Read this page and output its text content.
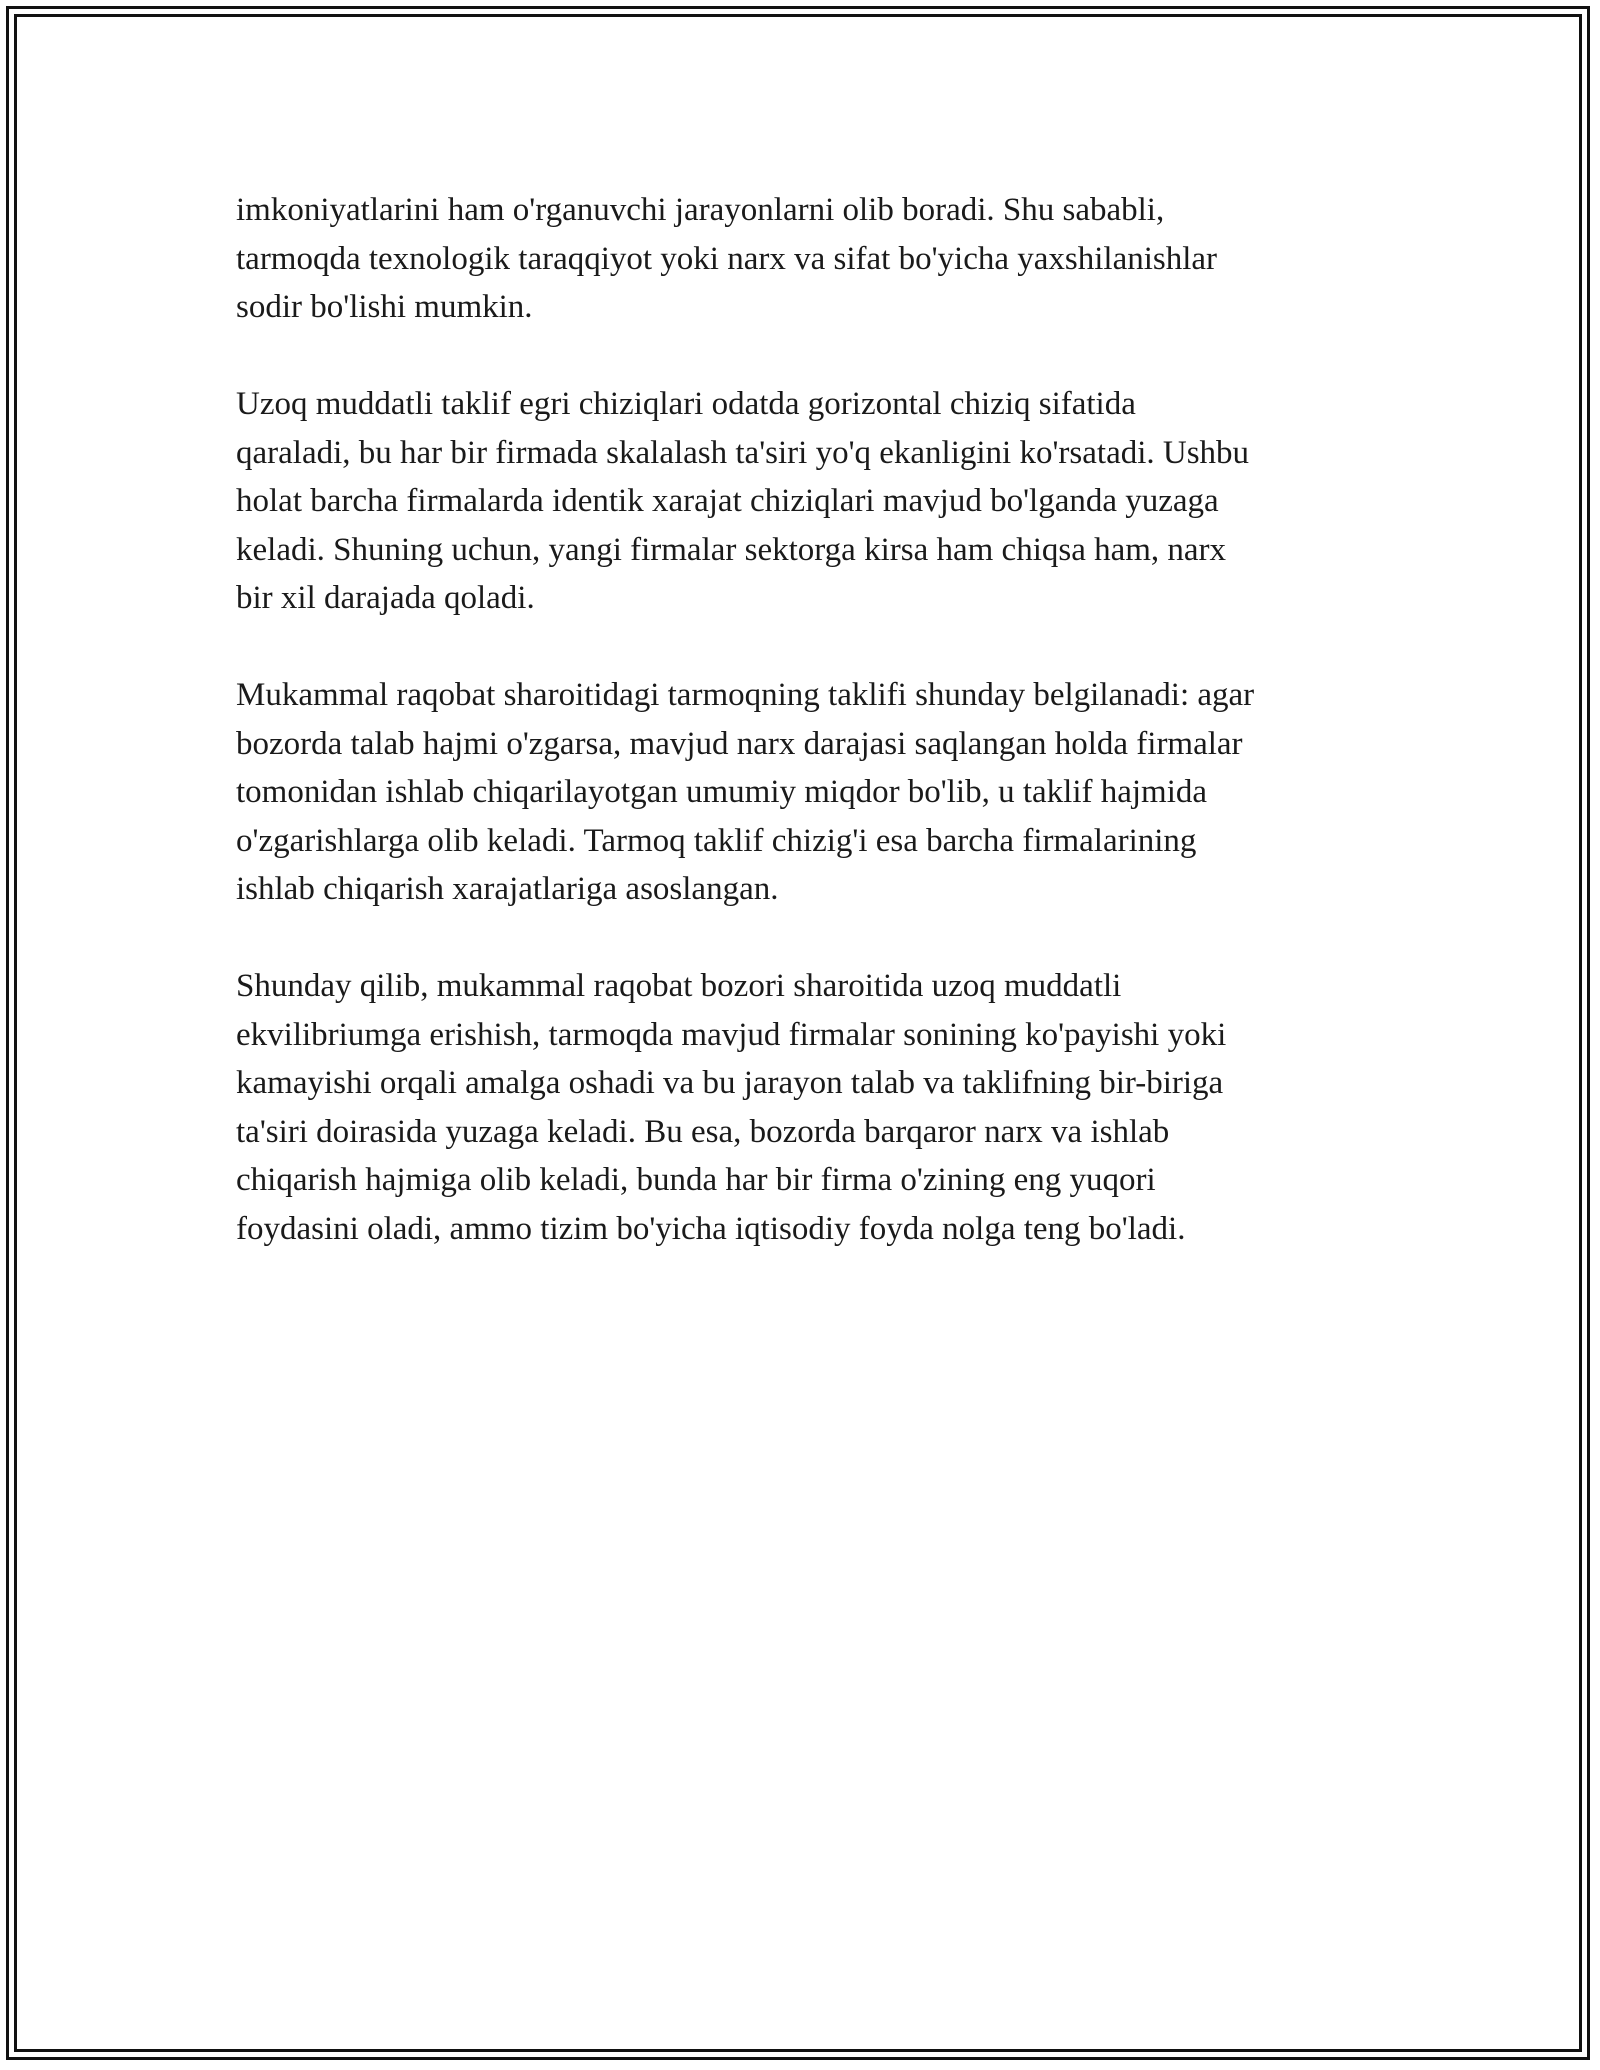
imkoniyatlarini ham o'rganuvchi jarayonlarni olib boradi. Shu sababli,
tarmoqda texnologik taraqqiyot yoki narx va sifat bo'yicha yaxshilanishlar
sodir bo'lishi mumkin.

Uzoq muddatli taklif egri chiziqlari odatda gorizontal chiziq sifatida
qaraladi, bu har bir firmada skalalash ta'siri yo'q ekanligini ko'rsatadi. Ushbu
holat barcha firmalarda identik xarajat chiziqlari mavjud bo'lganda yuzaga
keladi. Shuning uchun, yangi firmalar sektorga kirsa ham chiqsa ham, narx
bir xil darajada qoladi.

Mukammal raqobat sharoitidagi tarmoqning taklifi shunday belgilanadi: agar
bozorda talab hajmi o'zgarsa, mavjud narx darajasi saqlangan holda firmalar
tomonidan ishlab chiqarilayotgan umumiy miqdor bo'lib, u taklif hajmida
o'zgarishlarga olib keladi. Tarmoq taklif chizig'i esa barcha firmalarining
ishlab chiqarish xarajatlariga asoslangan.

Shunday qilib, mukammal raqobat bozori sharoitida uzoq muddatli
ekvilibriumga erishish, tarmoqda mavjud firmalar sonining ko'payishi yoki
kamayishi orqali amalga oshadi va bu jarayon talab va taklifning bir-biriga
ta'siri doirasida yuzaga keladi. Bu esa, bozorda barqaror narx va ishlab
chiqarish hajmiga olib keladi, bunda har bir firma o'zining eng yuqori
foydasini oladi, ammo tizim bo'yicha iqtisodiy foyda nolga teng bo'ladi.
